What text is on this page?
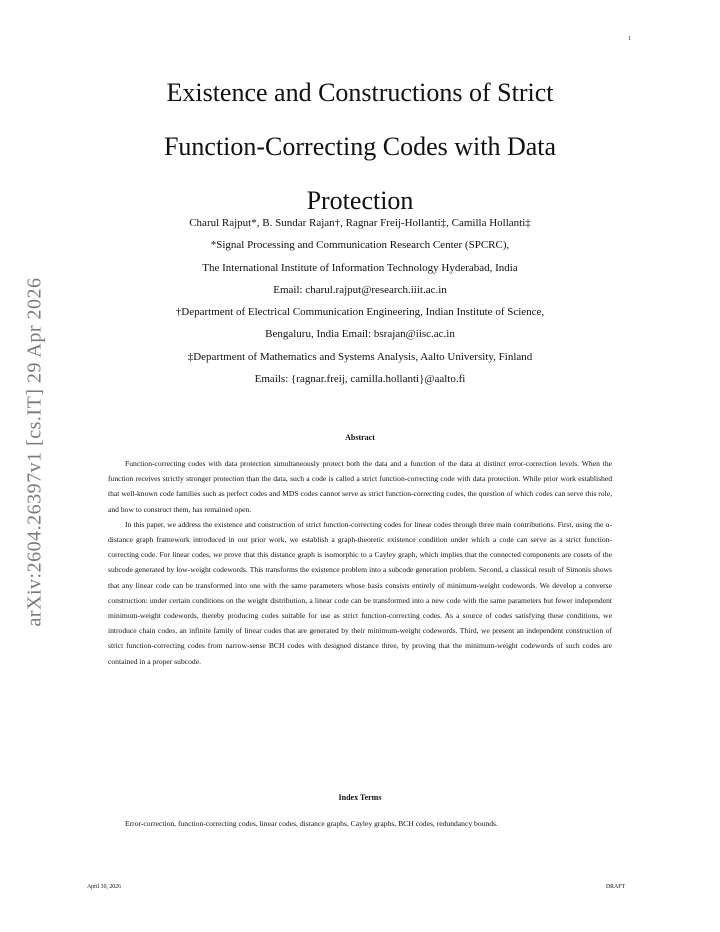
1
arXiv:2604.26397v1 [cs.IT] 29 Apr 2026
Existence and Constructions of Strict Function-Correcting Codes with Data Protection
Charul Rajput*, B. Sundar Rajan†, Ragnar Freij-Hollanti‡, Camilla Hollanti‡
*Signal Processing and Communication Research Center (SPCRC),
The International Institute of Information Technology Hyderabad, India
Email: charul.rajput@research.iiit.ac.in
†Department of Electrical Communication Engineering, Indian Institute of Science,
Bengaluru, India Email: bsrajan@iisc.ac.in
‡Department of Mathematics and Systems Analysis, Aalto University, Finland
Emails: {ragnar.freij, camilla.hollanti}@aalto.fi
Abstract

Function-correcting codes with data protection simultaneously protect both the data and a function of the data at distinct error-correction levels. When the function receives strictly stronger protection than the data, such a code is called a strict function-correcting code with data protection. While prior work established that well-known code families such as perfect codes and MDS codes cannot serve as strict function-correcting codes, the question of which codes can serve this role, and how to construct them, has remained open.

In this paper, we address the existence and construction of strict function-correcting codes for linear codes through three main contributions. First, using the α-distance graph framework introduced in our prior work, we establish a graph-theoretic existence condition under which a code can serve as a strict function-correcting code. For linear codes, we prove that this distance graph is isomorphic to a Cayley graph, which implies that the connected components are cosets of the subcode generated by low-weight codewords. This transforms the existence problem into a subcode generation problem. Second, a classical result of Simonis shows that any linear code can be transformed into one with the same parameters whose basis consists entirely of minimum-weight codewords. We develop a converse construction: under certain conditions on the weight distribution, a linear code can be transformed into a new code with the same parameters but fewer independent minimum-weight codewords, thereby producing codes suitable for use as strict function-correcting codes. As a source of codes satisfying these conditions, we introduce chain codes, an infinite family of linear codes that are generated by their minimum-weight codewords. Third, we present an independent construction of strict function-correcting codes from narrow-sense BCH codes with designed distance three, by proving that the minimum-weight codewords of such codes are contained in a proper subcode.

Index Terms

Error-correction, function-correcting codes, linear codes, distance graphs, Cayley graphs, BCH codes, redundancy bounds.

April 30, 2026	DRAFT
